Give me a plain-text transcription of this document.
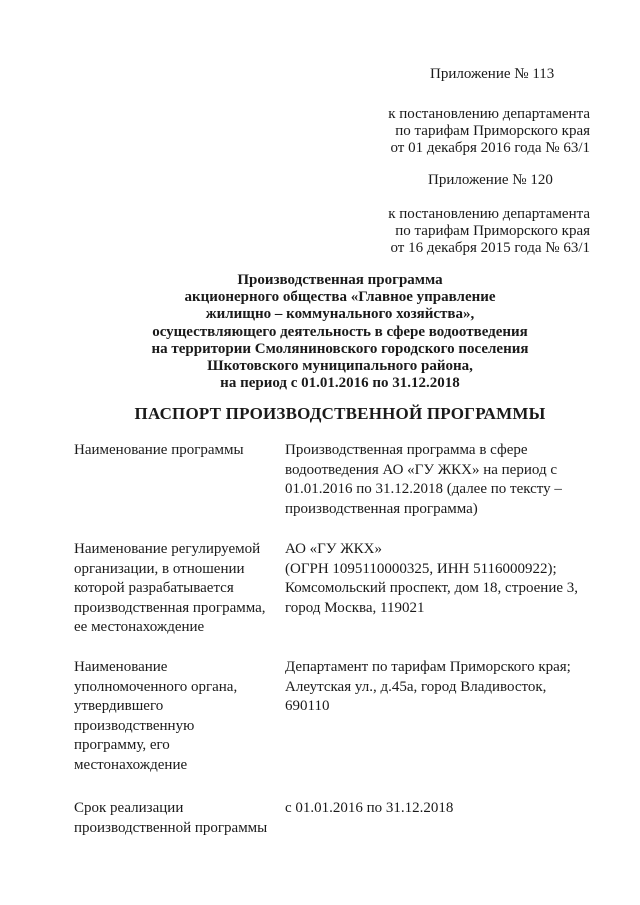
Приложение № 113
к постановлению департамента
по тарифам Приморского края
от 01 декабря 2016 года № 63/1
Приложение № 120
к постановлению департамента
по тарифам Приморского края
от 16 декабря 2015 года № 63/1
Производственная программа
акционерного общества «Главное управление
жилищно – коммунального хозяйства»,
осуществляющего деятельность в сфере водоотведения
на территории Смоляниновского городского поселения
Шкотовского муниципального района,
на период с 01.01.2016 по 31.12.2018
ПАСПОРТ ПРОИЗВОДСТВЕННОЙ ПРОГРАММЫ
Наименование программы	Производственная программа в сфере
водоотведения АО «ГУ ЖКХ» на период с
01.01.2016 по 31.12.2018 (далее по тексту –
производственная программа)
Наименование регулируемой
организации, в отношении
которой разрабатывается
производственная программа,
ее местонахождение
АО «ГУ ЖКХ»
(ОГРН 1095110000325, ИНН 5116000922);
Комсомольский проспект, дом 18, строение 3,
город Москва, 119021
Наименование
уполномоченного органа,
утвердившего
производственную
программу, его
местонахождение
Департамент по тарифам Приморского края;
Алеутская ул., д.45а, город Владивосток,
690110
Срок реализации
производственной программы
с 01.01.2016 по 31.12.2018
